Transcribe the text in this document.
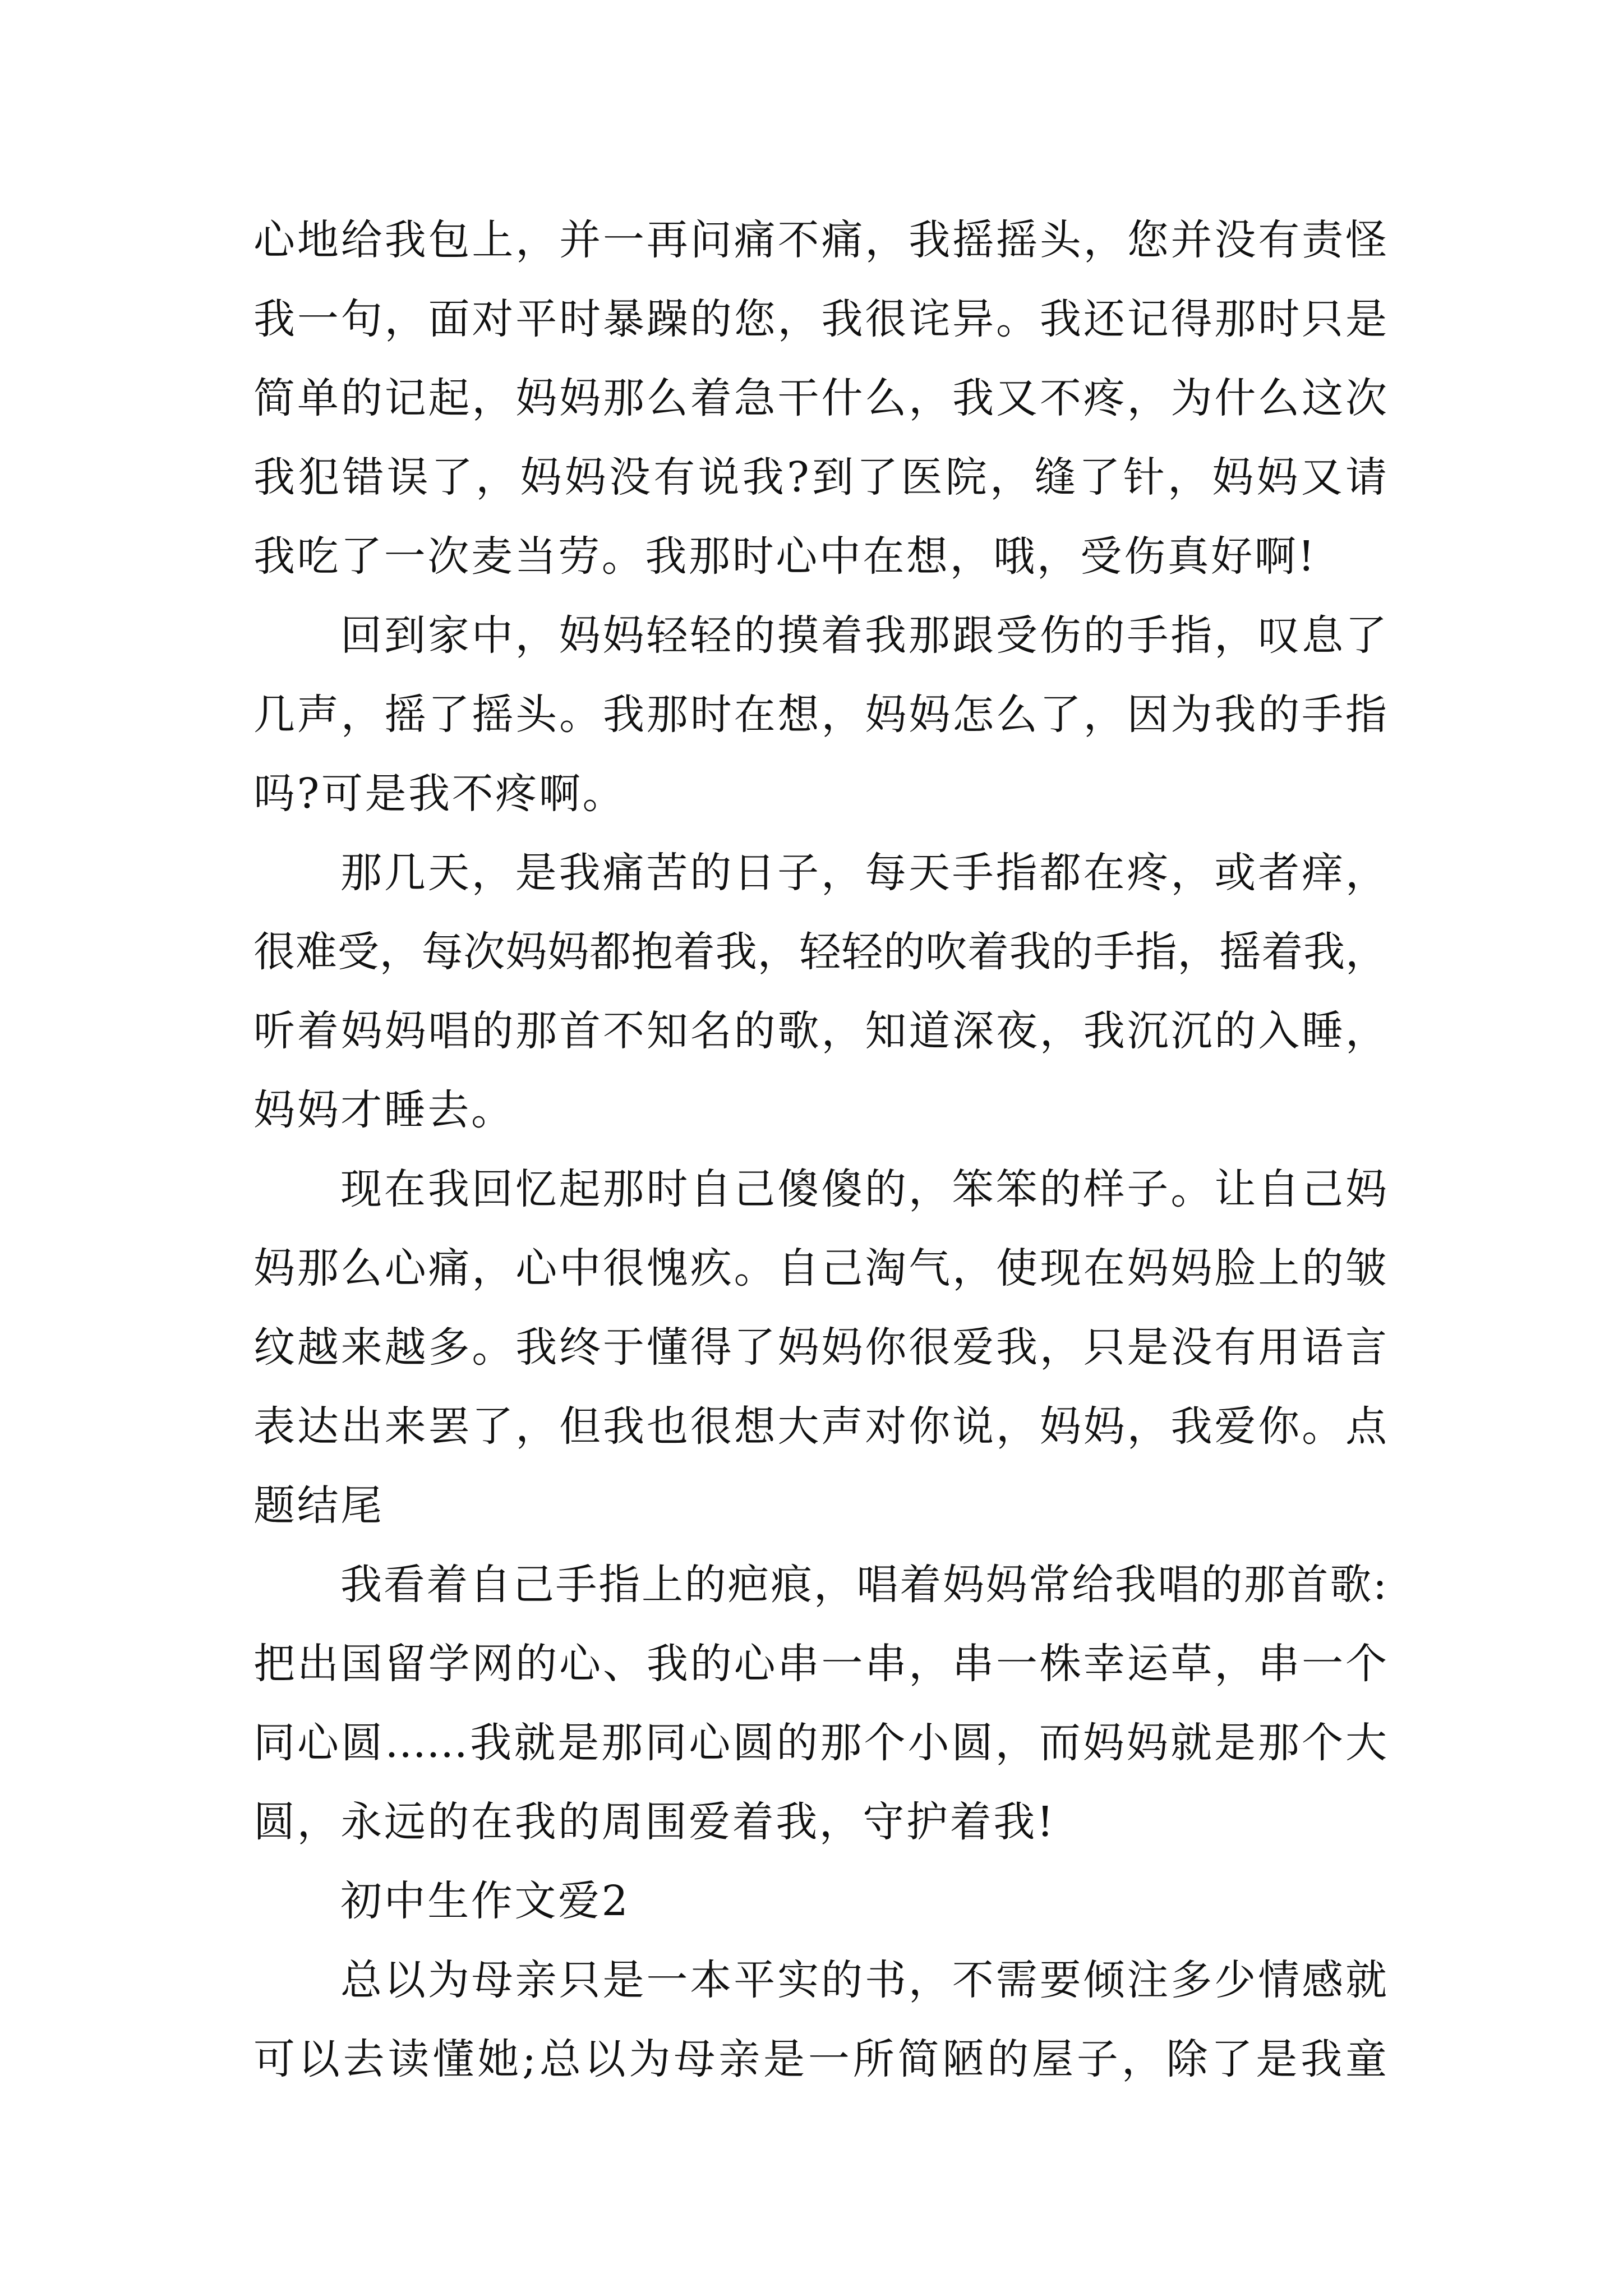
心地给我包上，并一再问痛不痛，我摇摇头，您并没有责怪
我一句，面对平时暴躁的您，我很诧异。我还记得那时只是
简单的记起，妈妈那么着急干什么，我又不疼，为什么这次
我犯错误了，妈妈没有说我?到了医院，缝了针，妈妈又请
我吃了一次麦当劳。我那时心中在想，哦，受伤真好啊!
回到家中，妈妈轻轻的摸着我那跟受伤的手指，叹息了
几声，摇了摇头。我那时在想，妈妈怎么了，因为我的手指
吗?可是我不疼啊。
那几天，是我痛苦的日子，每天手指都在疼，或者痒，
很难受，每次妈妈都抱着我，轻轻的吹着我的手指，摇着我，
听着妈妈唱的那首不知名的歌，知道深夜，我沉沉的入睡，
妈妈才睡去。
现在我回忆起那时自己傻傻的，笨笨的样子。让自己妈
妈那么心痛，心中很愧疚。自己淘气，使现在妈妈脸上的皱
纹越来越多。我终于懂得了妈妈你很爱我，只是没有用语言
表达出来罢了，但我也很想大声对你说，妈妈，我爱你。点
题结尾
我看着自己手指上的疤痕，唱着妈妈常给我唱的那首歌:
把出国留学网的心、我的心串一串，串一株幸运草，串一个
同心圆……我就是那同心圆的那个小圆，而妈妈就是那个大
圆，永远的在我的周围爱着我，守护着我!
初中生作文爱2
总以为母亲只是一本平实的书，不需要倾注多少情感就
可以去读懂她;总以为母亲是一所简陋的屋子，除了是我童
